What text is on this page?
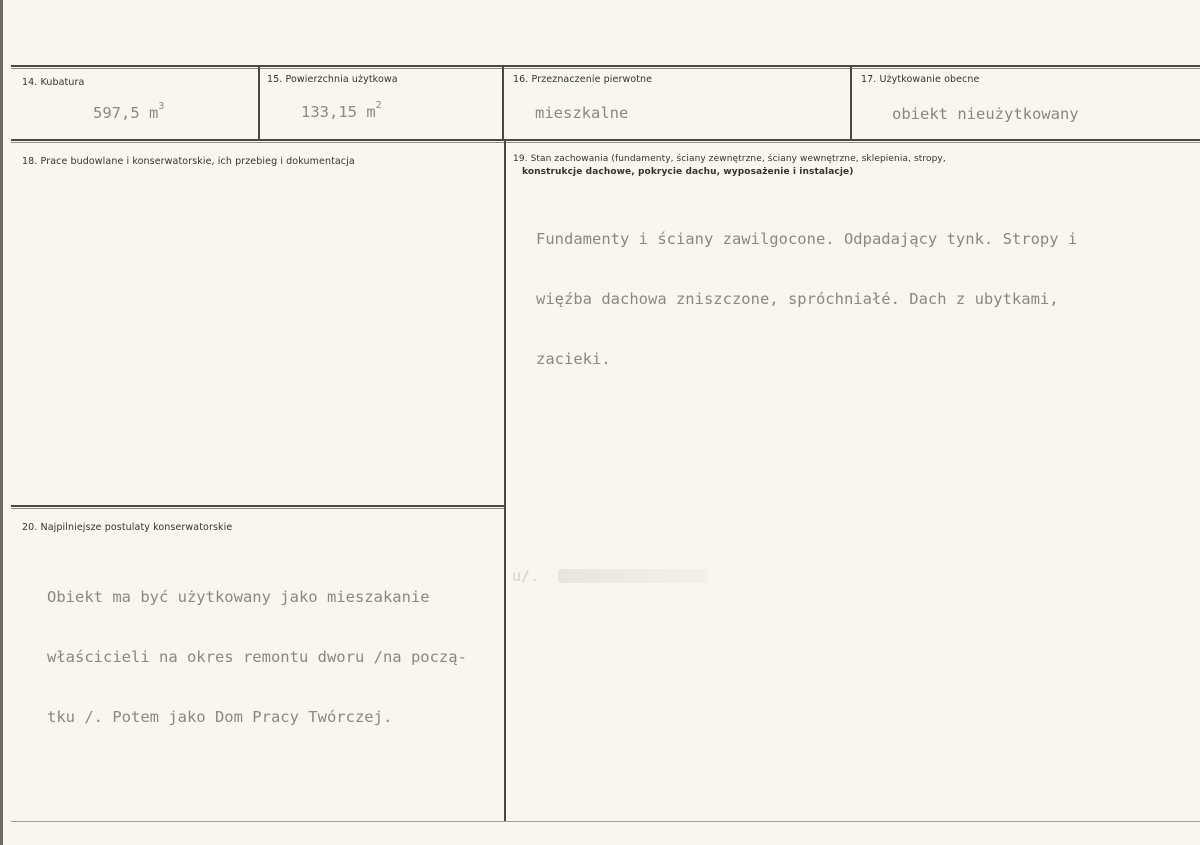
14. Kubatura
597,5 $m^3$
15. Powierzchnia użytkowa
133,15 $m^2$
16. Przeznaczenie pierwotne
mieszkalne
17. Użytkowanie obecne
obiekt nieużytkowany
18. Prace budowlane i konserwatorskie, ich przebieg i dokumentacja	19. Stan zachowania (fundamenty, ściany zewnętrzne, ściany wewnętrzne, sklepienia, stropy,
konstrukcje dachowe, pokrycie dachu, wyposażenie i instalacje)

Fundamenty i ściany zawilgocone. Odpadający tynk. Stropy i

więźba dachowa zniszczone, spróchniałé. Dach z ubytkami,

zacieki.

20. Najpilniejsze postulaty konserwatorskie

Obiekt ma być użytkowany jako mieszakanie

właścicieli na okres remontu dworu /na począ-

tku /. Potem jako Dom Pracy Twórczej.

u/.
